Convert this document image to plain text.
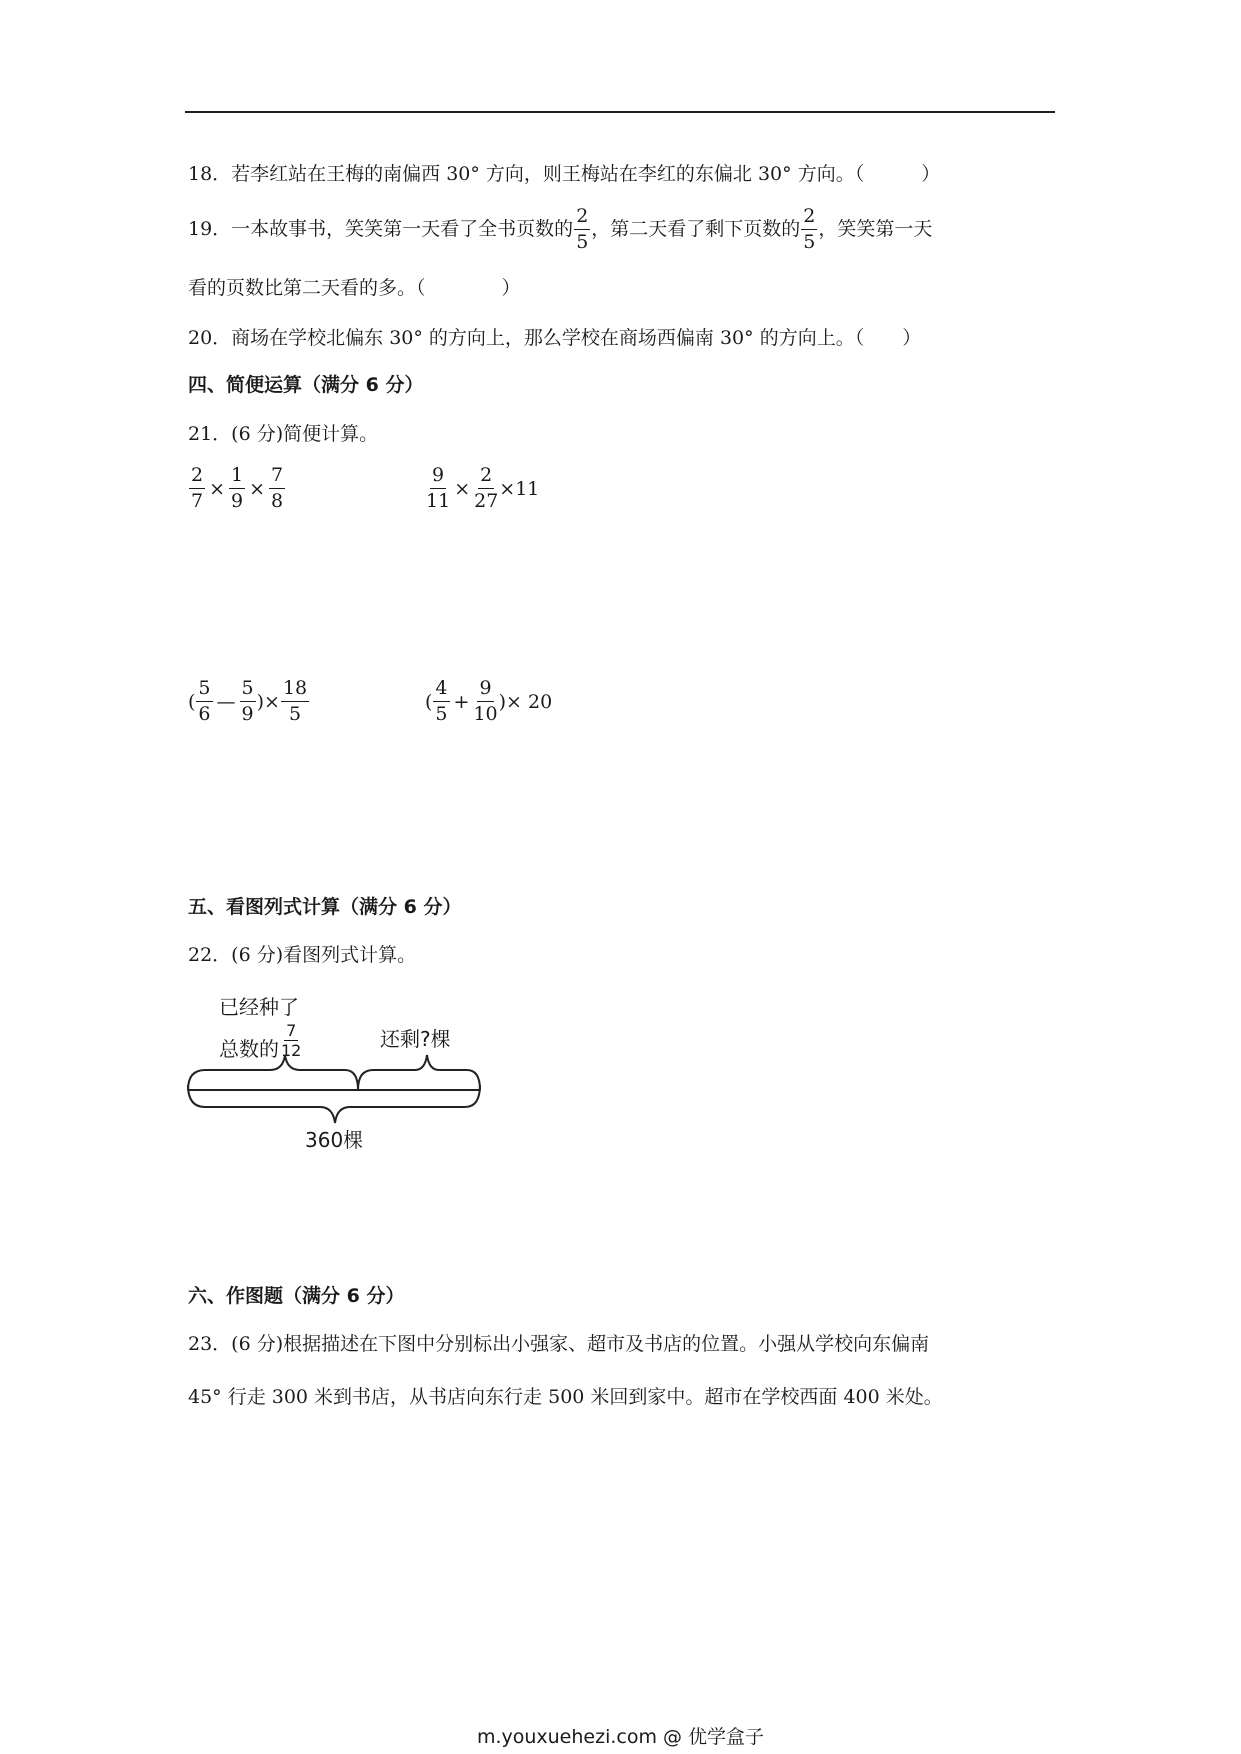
18．若李红站在王梅的南偏西 30° 方向，则王梅站在李红的东偏北 30° 方向。（　　　）
19．一本故事书，笑笑第一天看了全书页数的 $\frac{2}{5}$ ，第二天看了剩下页数的 $\frac{2}{5}$ ，笑笑第一天
看的页数比第二天看的多。（　　　　）
20．商场在学校北偏东 30° 的方向上，那么学校在商场西偏南 30° 的方向上。（　　）
四、简便运算（满分 6 分）
21．(6 分)简便计算。
$\frac{2}{7} \times \frac{1}{9} \times \frac{7}{8}$	$\frac{9}{11} \times \frac{2}{27} \times 11$
( $\frac{5}{6}$ — $\frac{5}{9}$ )× $\frac{18}{5}$	( $\frac{4}{5} + \frac{9}{10}$ )× 20
五、看图列式计算（满分 6 分）
22．(6 分)看图列式计算。
已经种了
总数的 $\frac{7}{12}$	还剩?棵
360棵
六、作图题（满分 6 分）
23．(6 分)根据描述在下图中分别标出小强家、超市及书店的位置。小强从学校向东偏南
45° 行走 300 米到书店，从书店向东行走 500 米回到家中。超市在学校西面 400 米处。
m.youxuehezi.com @ 优学盒子
